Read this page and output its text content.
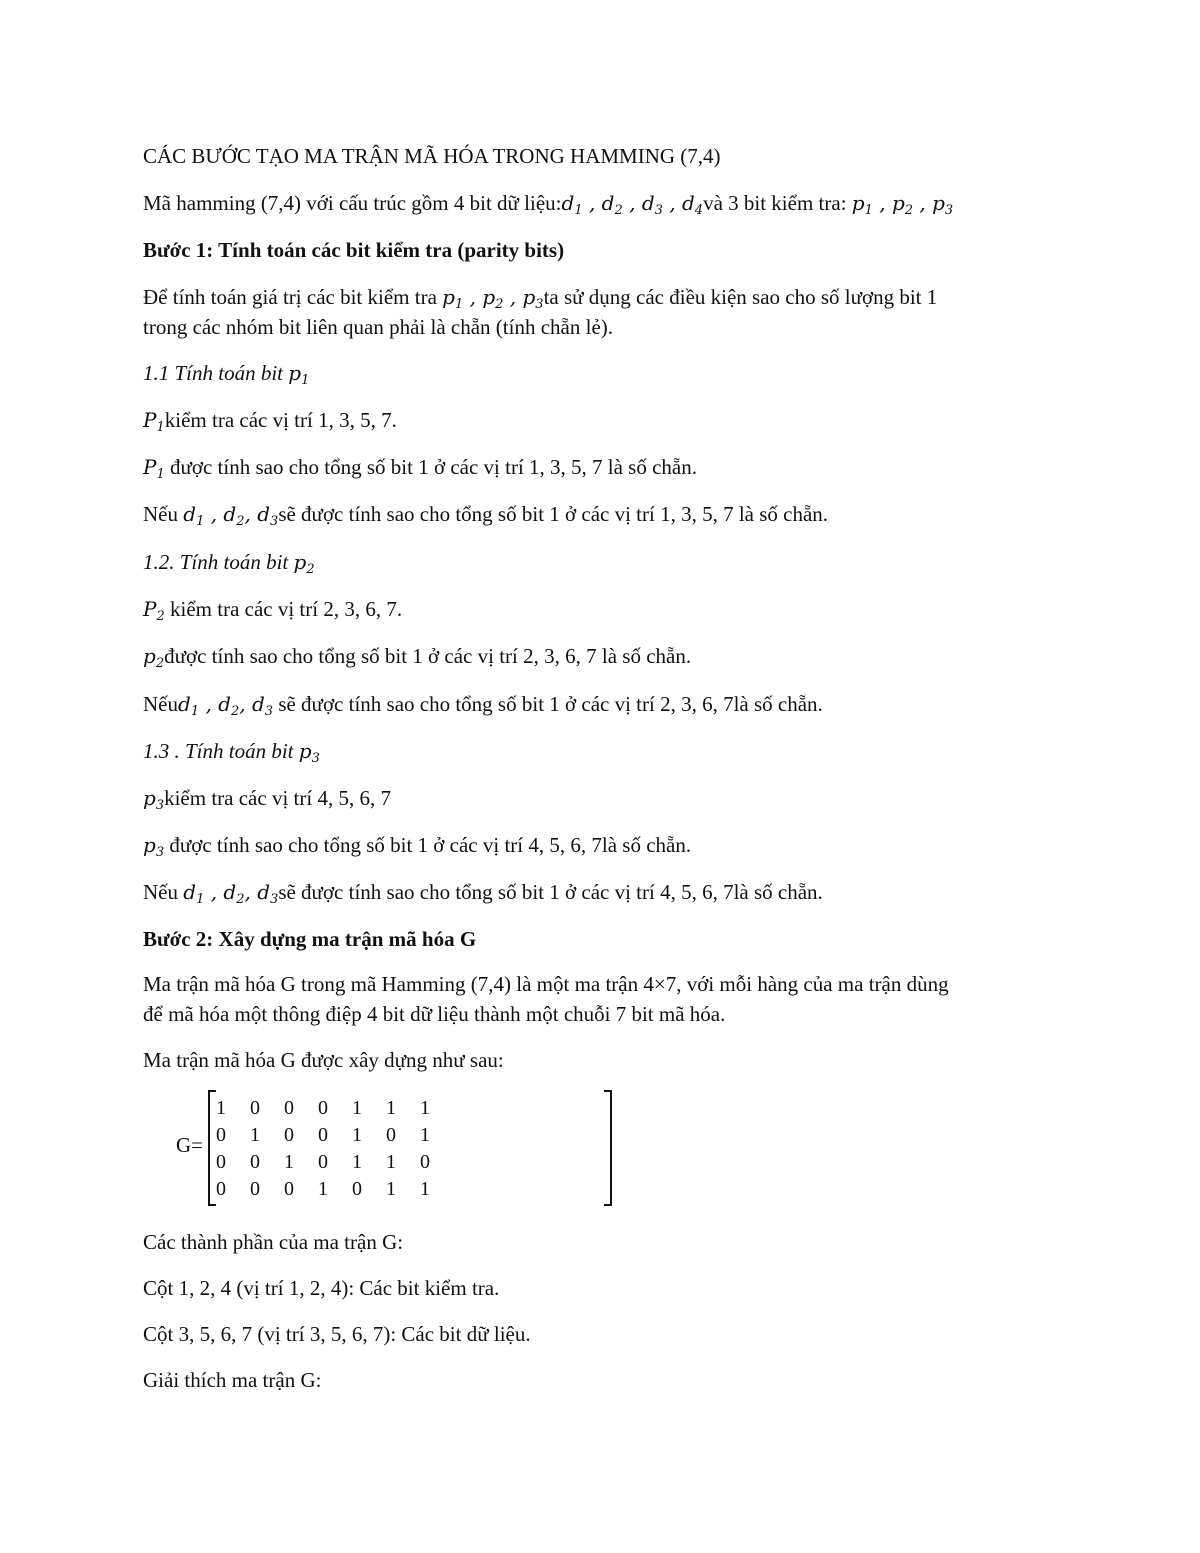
CÁC BƯỚC TẠO MA TRẬN MÃ HÓA TRONG HAMMING (7,4)
Mã hamming (7,4) với cấu trúc gồm 4 bit dữ $liệu:d_1$ , $d_2$ , $d_3$ , $d_4và$ 3 bit kiểm tra: $p_1$ , $p_2$ , $p_3$
Bước 1: Tính toán các bit kiểm tra (parity bits)
Để tính toán giá trị các bit kiểm tra $p_1$ , $p_2$ , $p_3ta$ sử dụng các điều kiện sao cho số lượng bit 1
trong các nhóm bit liên quan phải là chẵn (tính chẵn lẻ).
1.1 Tính toán bit $p_1$
$P_1kiểm$ tra các vị trí 1, 3, 5, 7.
$P_1$ được tính sao cho tổng số bit 1 ở các vị trí 1, 3, 5, 7 là số chẵn.
Nếu $d_1$ , $d_2$, $d_3sẽ$ được tính sao cho tổng số bit 1 ở các vị trí 1, 3, 5, 7 là số chẵn.
1.2. Tính toán bit $p_2$
$P_2$ kiểm tra các vị trí 2, 3, 6, 7.
$p_2được$ tính sao cho tổng số bit 1 ở các vị trí 2, 3, 6, 7 là số chẵn.
Nếud$_1$ , $d_2$, $d_3$ sẽ được tính sao cho tổng số bit 1 ở các vị trí 2, 3, 6, 7là số chẵn.
1.3 . Tính toán bit $p_3$
$p_3kiểm$ tra các vị trí 4, 5, 6, 7
$p_3$ được tính sao cho tổng số bit 1 ở các vị trí 4, 5, 6, 7là số chẵn.
Nếu $d_1$ , $d_2$, $d_3sẽ$ được tính sao cho tổng số bit 1 ở các vị trí 4, 5, 6, 7là số chẵn.
Bước 2: Xây dựng ma trận mã hóa G
Ma trận mã hóa G trong mã Hamming (7,4) là một ma trận 4×7, với mỗi hàng của ma trận dùng
để mã hóa một thông điệp 4 bit dữ liệu thành một chuỗi 7 bit mã hóa.
Ma trận mã hóa G được xây dựng như sau:
G=
1 0 0 0 1 1 1
0 1 0 0 1 0 1
0 0 1 0 1 1 0
0 0 0 1 0 1 1
Các thành phần của ma trận G:
Cột 1, 2, 4 (vị trí 1, 2, 4): Các bit kiểm tra.
Cột 3, 5, 6, 7 (vị trí 3, 5, 6, 7): Các bit dữ liệu.
Giải thích ma trận G:
